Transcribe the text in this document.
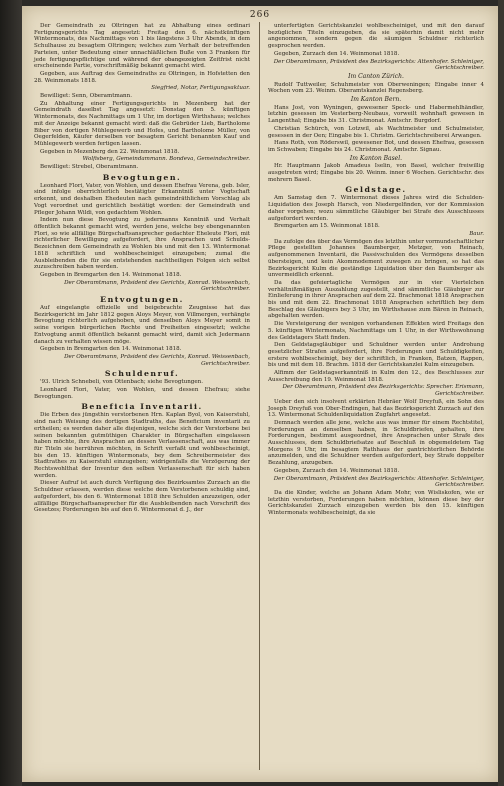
266

Der Gemeindrath zu Oltringen hat zu Abhaltung eines ordinari Fertigungsgerichts Tag angesetzt: Freitag den 6. nächstkünftigen Wintermonats, des Nachmittags von 1 bis längstens 3 Uhr Abends, in dem Schulhause zu besagtem Oltringen; welches zum Verhalt der betreffenden Parteien, unter Bedeutung einer unnachläßlichen Buße von 3 Franken für jede fertigungspflichtige und während der obangezeigten Zeitfrist nicht erscheinende Partie, vorschriftmäßig bekannt gemacht wird.

Gegeben, aus Auftrag des Gemeindraths zu Oltringen, in Hofstetten den 28. Weinmonats 1818.

Siegfried, Notar, Fertigungsaktuar.

Bewilliget: Senn, Oberamtmann.

Zu Abhaltung einer Fertigungsgerichts in Mezenberg hat der Gemeindrath daselbst Tag angesetzt: Donstag den 5. künftigen Wintermonats, des Nachmittags um 1 Uhr, im dortigen Wirthshaus; welches mit der Anzeige bekannt gemacht wird: daß die Gebrüder Lieb, Bartholome Biber von dortigen Mühlegewerb und Hofes, und Bartholome Müller, von Oegerfelden, Käufer derselben vor besagtem Gericht benannten Kauf und Mühlegewerb werden fertigen lassen.

Gegeben in Mezenberg den 22. Weinmonat 1818.

Wolfisberg, Gemeindammann. Bondeva, Gemeindschreiber.

Bewilliget: Strebel, Oberamtmann.

Bevogtungen.

Leonhard Flori, Vater, von Wohlen, und dessen Ehefrau Verena, geb. Isler, sind infolge oberrichterlich bestätigter Erkanntniß unter Vogtschaft erkennt, und deshalben Ehedeuten nach gemeindräthlichem Vorschlag als Vogt verordnet und gerichtlich bestätigt worden: der Gemeindrath und Pfleger Johann Wildi, von gedachtem Wohlen.

Indem nun diese Bevogtung zu jedermanns Kenntniß und Verhalt öffentlich bekannt gemacht wird, werden jene, welche bey ebengenannten Flori, so wie allfällige Bürgschaftsansprecher gedachter Eheleute Flori, mit richterlicher Bewilligung aufgefordert, ihre Ansprachen und Schulds-Bezeichnen dem Gemeindrath zu Wohlen bis und mit den 13. Wintermonat 1818 schriftlich und wohlbescheiniget einzugeben; zumal die Ausbleibenden die für sie entstehenden nachtheiligen Folgen sich selbst zuzuschreiben haben werden.

Gegeben in Bremgarten den 14. Weinmonat 1818.

Der Oberamtmann, Präsident des Gerichts, Konrad. Weissenbach, Gerichtschreiber.

Entvogtungen.

Auf eingelangte offizielle und beigebrachte Zeugnisse hat das Bezirksgericht im Jahr 1812 gegen Aloys Meyer, von Villmergen, verhängte Bevogtung richterlich aufgehoben, und denselben Aloys Meyer somit in seine vorigen bürgerlichen Rechte und Freiheiten eingesetzt; welche Entvogtung anmit öffentlich bekannt gemacht wird, damit sich Jedermann danach zu verhalten wissen möge.

Gegeben in Bremgarten den 14. Weinmonat 1818.

Der Oberamtmann, Präsident des Gerichts, Konrad. Weissenbach, Gerichtschreiber.

Schuldenruf.

'93. Ulrich Schnebeli, von Ottenbach; siehe Bevogtungen.

Leonhard Flori, Vater, von Wohlen, und dessen Ehefrau; siehe Bevogtungen.

Beneficia Inventarii.

Die Erben des jüngsthin verstorbenen Hrn. Kaplan Byol, von Kaiserstuhl, sind nach Weisung des dortigen Stadtraths, das Beneficium inventarii zu ertheilen; es werden daher alle diejenigen, welche sich der Verstorbene bei seinen bekannten gutmüthigen Charakter in Bürgschaften eingelassen haben möchte, ihre Ansprachen an dessen Verlassenschaft, aus was immer für Titeln sie herrühren möchten, in Schrift verfaßt und wohlbescheinigt, bis den 15. künftigen Wintermonats, bey dem Schreibermeister des Stadtrathes zu Kaiserstuhl einzugeben; widrigenfalls die Verzögerung der Rechtswohlthat der Inventur den selben Verlassenschaft für sich haben werden.

Dieser Aufruf ist auch durch Verfügung des Bezirksamtes Zurzach an die Schuldner erlassen, werden diese welche dem Verstorbenen schuldig sind, aufgefordert, bis den 6. Wintermonat 1818 ihre Schulden anzuzeigen, oder allfällige Bürgschaftsansprecher für die Ausbleibenden nach Vorschrift des Gesetzes; Forderungen bis auf den 6. Wintermonat d. J., der

unterfertigten Gerichtskanzlei wohlbescheiniget, und mit den darauf bezüglichen Titeln einzugeben, da sie späterhin damit nicht mehr angenommen, sondern gegen die säumigen Schuldner richterlich gesprochen werden.

Gegeben, Zurzach den 14. Weinmonat 1818.

Der Oberamtmann, Präsident des Bezirksgerichts: Attenhofer. Schleiniger, Gerichtschreiber.

Im Canton Zürich.

Rudolf Tuttweiler, Schuhmeister von Oberweningen; Eingabe inner 4 Wochen vom 23. Weinm. Oberamtskanzlei Regensberg.

Im Kanton Bern.

Hans Jost, von Wyningen, gewesener Speck- und Habermehlhändler, letzhin gesessen im Vesterberg-Neubaus, vorweilt wohnhaft gewesen in Langenthal; Eingabe bis 31. Christmonat. Amtschr. Burgdorf.

Christian Schürch, von Lotzwil, als Wachtmeister und Schulmeister, gesessen in der Oen; Eingabe bis 1. Christm. Gerichtschreiberei Arwangen.

Hans Roth, von Röderswil, gewesener Bot, und dessen Ehefrau, gesessen im Schwaben; Eingabe bis 24. Christmonat. Amtschr. Signau.

Im Kanton Basel.

Hr. Hauptmann Jakob Amadeus Iselin, von Basel, welcher freiwillig ausgetreten wird; Eingabe bis 20. Weinm. inner 6 Wochen. Gerichtschr. des mehrern Basel.

Geldstage.

Am Samstag den 7. Wintermonat dieses Jahres wird die Schulden-Liquidation des Joseph Harsch, von Niedergelfinden, vor der Kommission daher vorgehen; wozu sämmtliche Gläubiger bei Strafe des Ausschlusses aufgefordert werden.

Bremgarten am 15. Weinmonat 1818.

Baur.

Da zufolge des über das Vermögen des letzthin unter vormundschaftlicher Pflege gestellten Johannes Baumberger, Metzger, von Reinach, aufgenommenen Inventarii, die Passivschulden des Vermögens desselben übersteigen, und kein Akommodement zuwegen zu bringen, so hat das Bezirksgericht Kulm die geständige Liquidation über den Baumberger als unvermeidlich erkennt.

Da das gefeiertagliche Vermögen zur in vier Viertelchen verhältnißmäßigen Auszahlung zugestellt, sind sämmtliche Gläubiger zur Einlieferung in ihrer Ansprachen auf dem 22. Brachmonat 1818 Ansprachen bis und mit dem 22. Brachmonat 1818 Ansprachen schriftlich bey dem Beschlag des Gläubigers bey 3 Uhr, im Wirthshause zum Bären in Reinach, abgehalten werden.

Die Versteigerung der wenigen vorhandenen Effekten wird Freitags den 5. künftigen Wintermonats, Nachmittags um 1 Uhr, in der Wirthswohnung des Geldstagers Statt finden.

Den Geldstagsgläubiger und Schuldner werden unter Androhung gesetzlicher Strafen aufgefordert, ihre Forderungen und Schuldigkeiten, erstere wohlbescheinigt, bey der schriftlich, in Franken, Batzen, Rappen, bis und mit dem 18. Brachm. 1818 der Gerichtskanzlei Kulm einzugeben.

Alfimm der Geldstagserkanntniß in Kulm den 12., des Beschlusses zur Ausschreibung den 19. Weinmonat 1818.

Der Oberamtmann, Präsident des Bezirksgerichts: Sprecher. Erismann, Gerichtschreiber.

Ueber den sich insolvent erklärten Hebräer Wolf Dreyfuß, ein Sohn des Joseph Dreyfuß von Ober-Endingen, hat das Bezirksgericht Zurzach auf den 13. Wintermonat Schuldenliquidation Zugfahrt angesetzt.

Demnach werden alle jene, welche aus was immer für einem Rechtstitel, Forderungen an denselben haben, in Schuldbriefen, gehalten, ihre Forderungen, bestimmt ausgeordnet, ihre Ansprachen unter Strafe des Ausschlusses, dem Schuldbriefsatze auf Beschluß in obgemeldetem Tag Morgens 9 Uhr, im besagtem Rathhaus der gantrichterlichen Behörde anzumelden, und die Schuldner werden aufgefordert, bey Strafe doppelter Bezahlung, anzugeben.

Gegeben, Zurzach den 14. Weinmonat 1818.

Der Oberamtmann, Präsident des Bezirksgerichts: Attenhofer. Schleiniger, Gerichtschreiber.

Da die Kinder, welche an Johann Adam Mohr, von Wisliskofen, wie er letzthin verstorben, Forderungen haben möchten, können diese bey der Gerichtskanzlei Zurzach einzugeben werden bis den 15. künftigen Wintermonats wohlbescheinigt, da sie
